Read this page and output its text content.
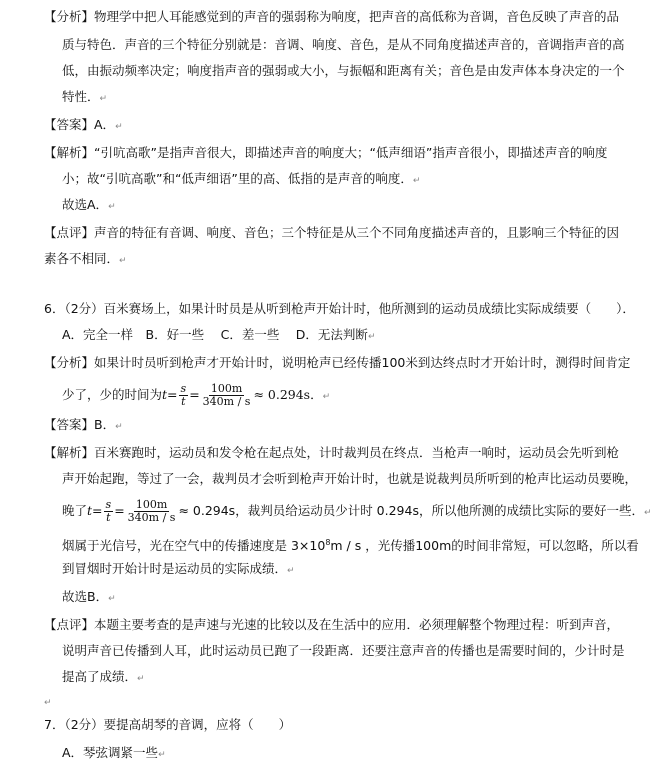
【分析】物理学中把人耳能感觉到的声音的强弱称为响度，把声音的高低称为音调，音色反映了声音的品
质与特色．声音的三个特征分别就是：音调、响度、音色，是从不同角度描述声音的，音调指声音的高
低，由振动频率决定；响度指声音的强弱或大小，与振幅和距离有关；音色是由发声体本身决定的一个
特性．↵
【答案】A．↵
【解析】“引吭高歌”是指声音很大，即描述声音的响度大；“低声细语”指声音很小，即描述声音的响度
小；故“引吭高歌”和“低声细语”里的高、低指的是声音的响度．↵
故选A．↵
【点评】声音的特征有音调、响度、音色；三个特征是从三个不同角度描述声音的，且影响三个特征的因
素各不相同．↵
6．（2分）百米赛场上，如果计时员是从听到枪声开始计时，他所测到的运动员成绩比实际成绩要（　　）．
A．完全一样　B．好一些　 C．差一些　 D．无法判断↵
【分析】如果计时员听到枪声才开始计时，说明枪声已经传播100米到达终点时才开始计时，测得时间肯定
少了，少的时间为$t= \frac{s}{t} = \frac{100m}{340m / s} \approx 0.294s$．↵
【答案】B．↵
【解析】百米赛跑时，运动员和发令枪在起点处，计时裁判员在终点．当枪声一响时，运动员会先听到枪
声开始起跑，等过了一会，裁判员才会听到枪声开始计时，也就是说裁判员所听到的枪声比运动员要晚，
晚了$t= \frac{s}{t} = \frac{100m}{340m / s} \approx 0.294s$，裁判员给运动员少计时 0.294s，所以他所测的成绩比实际的要好一些．↵
烟属于光信号，光在空气中的传播速度是 $3\times 10^8m / s$ ，光传播100m的时间非常短，可以忽略，所以看
到冒烟时开始计时是运动员的实际成绩．↵
故选B．↵
【点评】本题主要考查的是声速与光速的比较以及在生活中的应用．必须理解整个物理过程：听到声音，
说明声音已传播到人耳，此时运动员已跑了一段距离．还要注意声音的传播也是需要时间的，少计时是
提高了成绩．↵
↵
7．（2分）要提高胡琴的音调，应将（　　）
A．琴弦调紧一些↵
